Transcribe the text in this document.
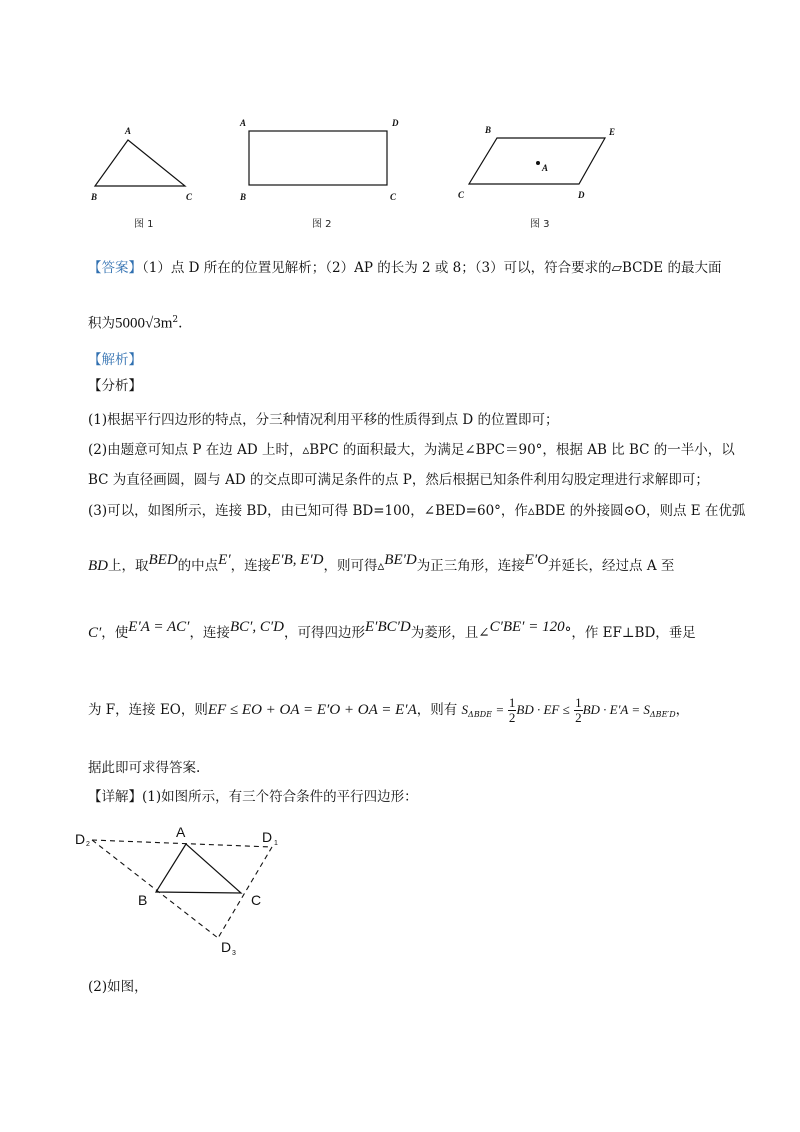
A
B	C
图 1
A	D
B	C
图 2
B	E
A
C	D
图 3
【答案】（1）点 D 所在的位置见解析；（2）AP 的长为 2 或 8；（3）可以，符合要求的▱BCDE 的最大面
积为$5000√3m^2$.
【解析】
【分析】
(1)根据平行四边形的特点，分三种情况利用平移的性质得到点 D 的位置即可；
(2)由题意可知点 P 在边 AD 上时，▵BPC 的面积最大，为满足∠BPC＝90°，根据 AB 比 BC 的一半小，以
BC 为直径画圆，圆与 AD 的交点即可满足条件的点 P，然后根据已知条件利用勾股定理进行求解即可；
(3)可以，如图所示，连接 BD，由已知可得 BD=100，∠BED=60°，作▵BDE 的外接圆⊙O，则点 E 在优弧
BD上，取BED的中点E′，连接E′B, E′D，则可得▵BE′D为正三角形，连接E′O并延长，经过点 A 至
C′，使E′A = AC′，连接BC′, C′D，可得四边形E′BC′D为菱形，且∠C′BE′ = 120°，作 EF⊥BD，垂足
为 F，连接 EO，则EF ≤ EO + OA = E′O + OA = E′A，则有 $S_{\Delta BDE} = \frac{1}{2}$ BD · EF ≤ $\frac{1}{2}$ BD · $E'A = S_{\Delta BE'D}$，
据此即可求得答案.
【详解】(1)如图所示，有三个符合条件的平行四边形：
A
D 2	D 1
B	C
D 3
(2)如图，
